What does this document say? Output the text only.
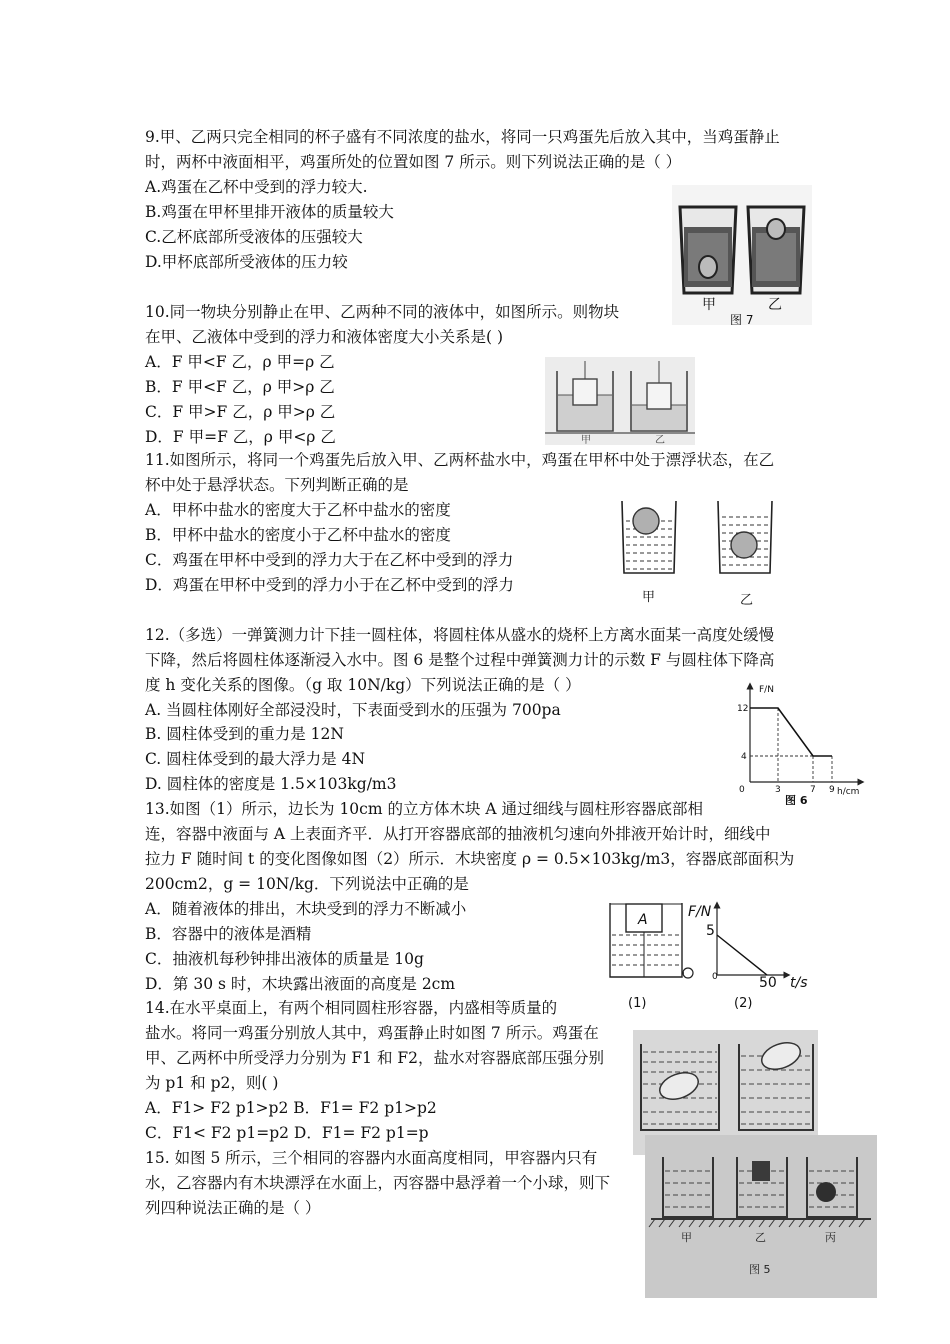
9.甲、乙两只完全相同的杯子盛有不同浓度的盐水，将同一只鸡蛋先后放入其中，当鸡蛋静止
时，两杯中液面相平，鸡蛋所处的位置如图 7 所示。则下列说法正确的是（ ）
A.鸡蛋在乙杯中受到的浮力较大.
B.鸡蛋在甲杯里排开液体的质量较大
C.乙杯底部所受液体的压强较大
D.甲杯底部所受液体的压力较
甲	乙
图 7
10.同一物块分别静止在甲、乙两种不同的液体中，如图所示。则物块
在甲、乙液体中受到的浮力和液体密度大小关系是( )
A．F 甲<F 乙，ρ 甲=ρ 乙
B．F 甲<F 乙，ρ 甲>ρ 乙
C．F 甲>F 乙，ρ 甲>ρ 乙
D．F 甲=F 乙，ρ 甲<ρ 乙	甲	乙
11.如图所示，将同一个鸡蛋先后放入甲、乙两杯盐水中，鸡蛋在甲杯中处于漂浮状态，在乙
杯中处于悬浮状态。下列判断正确的是
A．甲杯中盐水的密度大于乙杯中盐水的密度
B．甲杯中盐水的密度小于乙杯中盐水的密度
C．鸡蛋在甲杯中受到的浮力大于在乙杯中受到的浮力
D．鸡蛋在甲杯中受到的浮力小于在乙杯中受到的浮力
甲	乙
12.（多选）一弹簧测力计下挂一圆柱体，将圆柱体从盛水的烧杯上方离水面某一高度处缓慢
下降，然后将圆柱体逐渐浸入水中。图 6 是整个过程中弹簧测力计的示数 F 与圆柱体下降高
度 h 变化关系的图像。（g 取 10N/kg）下列说法正确的是（ ）
A. 当圆柱体刚好全部浸没时，下表面受到水的压强为 700pa
B. 圆柱体受到的重力是 12N
C. 圆柱体受到的最大浮力是 4N
D. 圆柱体的密度是 1.5×103kg/m3
F/N
h/cm
12
4
0	3	7 9
图 6
13.如图（1）所示，边长为 10cm 的立方体木块 A 通过细线与圆柱形容器底部相
连，容器中液面与 A 上表面齐平．从打开容器底部的抽液机匀速向外排液开始计时，细线中
拉力 F 随时间 t 的变化图像如图（2）所示．木块密度 ρ = 0.5×103kg/m3，容器底部面积为
200cm2，g = 10N/kg．下列说法中正确的是
A．随着液体的排出，木块受到的浮力不断减小
B．容器中的液体是酒精
C．抽液机每秒钟排出液体的质量是 10g
D．第 30 s 时，木块露出液面的高度是 2cm
A	F/N
5
0	50 t/s
(1)	(2)
14.在水平桌面上，有两个相同圆柱形容器，内盛相等质量的
盐水。将同一鸡蛋分别放人其中，鸡蛋静止时如图 7 所示。鸡蛋在
甲、乙两杯中所受浮力分别为 F1 和 F2，盐水对容器底部压强分别
为 p1 和 p2，则( )
A．F1> F2 p1>p2 B．F1= F2 p1>p2
C．F1< F2 p1=p2 D．F1= F2 p1=p
15. 如图 5 所示，三个相同的容器内水面高度相同，甲容器内只有
水，乙容器内有木块漂浮在水面上，丙容器中悬浮着一个小球，则下
列四种说法正确的是（ ）
甲	乙	丙
图 5
